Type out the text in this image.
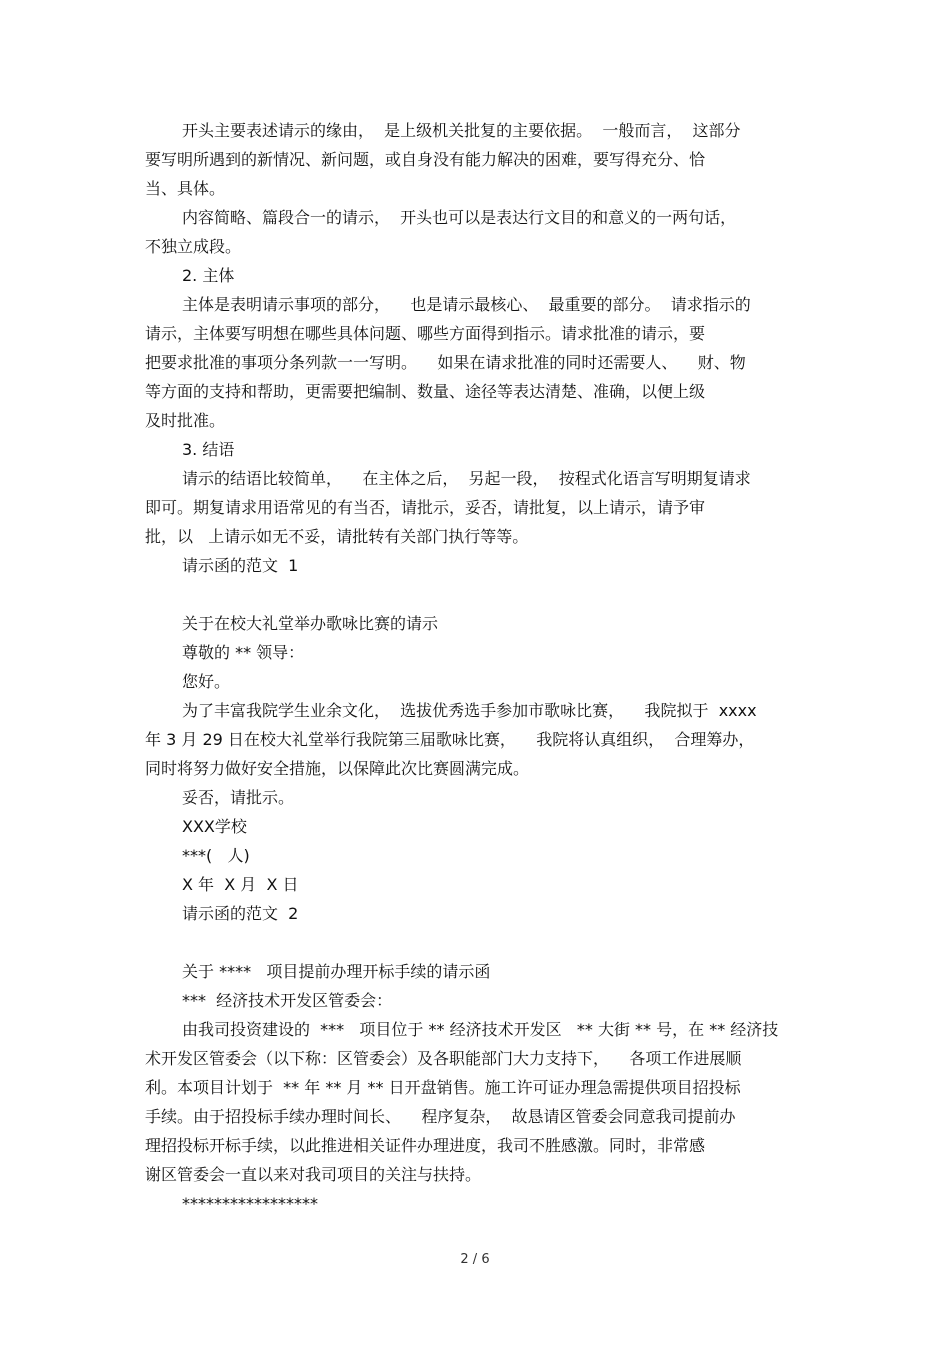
开头主要表述请示的缘由，  是上级机关批复的主要依据。  一般而言，  这部分

要写明所遇到的新情况、新问题，或自身没有能力解决的困难，要写得充分、恰

当、具体。

内容简略、篇段合一的请示，  开头也可以是表达行文目的和意义的一两句话，

不独立成段。

2. 主体

主体是表明请示事项的部分，    也是请示最核心、  最重要的部分。  请求指示的

请示，主体要写明想在哪些具体问题、哪些方面得到指示。请求批准的请示，要

把要求批准的事项分条列款一一写明。    如果在请求批准的同时还需要人、    财、物

等方面的支持和帮助，更需要把编制、数量、途径等表达清楚、准确，以便上级

及时批准。

3. 结语

请示的结语比较简单，    在主体之后，  另起一段，  按程式化语言写明期复请求

即可。期复请求用语常见的有当否，请批示，妥否，请批复，以上请示，请予审

批，以   上请示如无不妥，请批转有关部门执行等等。

请示函的范文  1

关于在校大礼堂举办歌咏比赛的请示

尊敬的 ** 领导：

您好。

为了丰富我院学生业余文化，  选拔优秀选手参加市歌咏比赛，    我院拟于  xxxx

年 3 月 29 日在校大礼堂举行我院第三届歌咏比赛，    我院将认真组织，  合理筹办，

同时将努力做好安全措施，以保障此次比赛圆满完成。

妥否，请批示。

XXX学校

***(   人)

X 年  X 月  X 日

请示函的范文  2

关于 ****   项目提前办理开标手续的请示函

***  经济技术开发区管委会：

由我司投资建设的  ***   项目位于 ** 经济技术开发区   ** 大街 ** 号，在 ** 经济技

术开发区管委会（以下称：区管委会）及各职能部门大力支持下，    各项工作进展顺

利。本项目计划于  ** 年 ** 月 ** 日开盘销售。施工许可证办理急需提供项目招投标

手续。由于招投标手续办理时间长、    程序复杂，  故恳请区管委会同意我司提前办

理招投标开标手续，以此推进相关证件办理进度，我司不胜感激。同时，非常感

谢区管委会一直以来对我司项目的关注与扶持。

*****************

2 / 6
